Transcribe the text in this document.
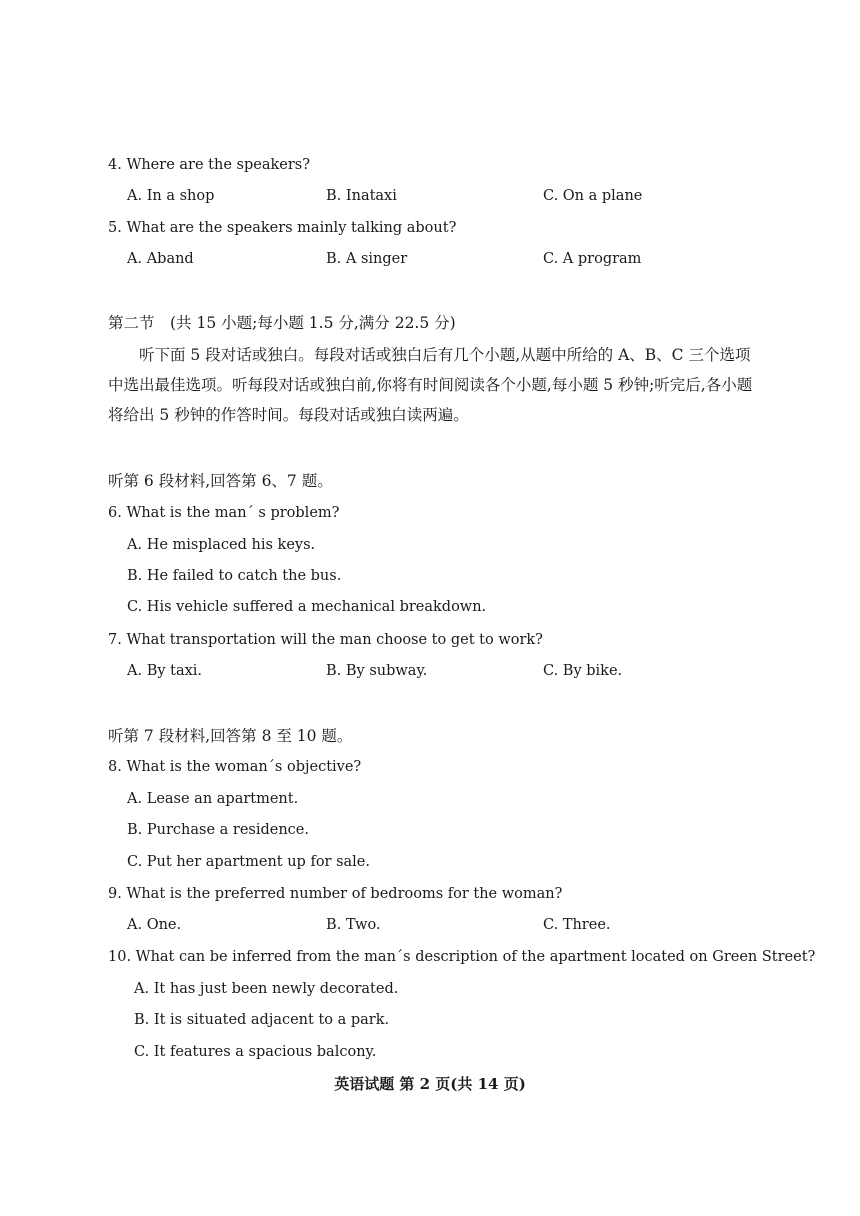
4. Where are the speakers?
A. In a shop	B. Inataxi	C. On a plane
5. What are the speakers mainly talking about?
A. Aband	B. A singer	C. A program
第二节　(共 15 小题;每小题 1.5 分,满分 22.5 分)
听下面 5 段对话或独白。每段对话或独白后有几个小题,从题中所给的 A、B、C 三个选项中选出最佳选项。听每段对话或独白前,你将有时间阅读各个小题,每小题 5 秒钟;听完后,各小题将给出 5 秒钟的作答时间。每段对话或独白读两遍。
听第 6 段材料,回答第 6、7 题。
6. What is the man´ s problem?
A. He misplaced his keys.
B. He failed to catch the bus.
C. His vehicle suffered a mechanical breakdown.
7. What transportation will the man choose to get to work?
A. By taxi.	B. By subway.	C. By bike.
听第 7 段材料,回答第 8 至 10 题。
8. What is the woman´s objective?
A. Lease an apartment.
B. Purchase a residence.
C. Put her apartment up for sale.
9. What is the preferred number of bedrooms for the woman?
A. One.	B. Two.	C. Three.
10. What can be inferred from the man´s description of the apartment located on Green Street?
A. It has just been newly decorated.
B. It is situated adjacent to a park.
C. It features a spacious balcony.
英语试题 第 2 页(共 14 页)
